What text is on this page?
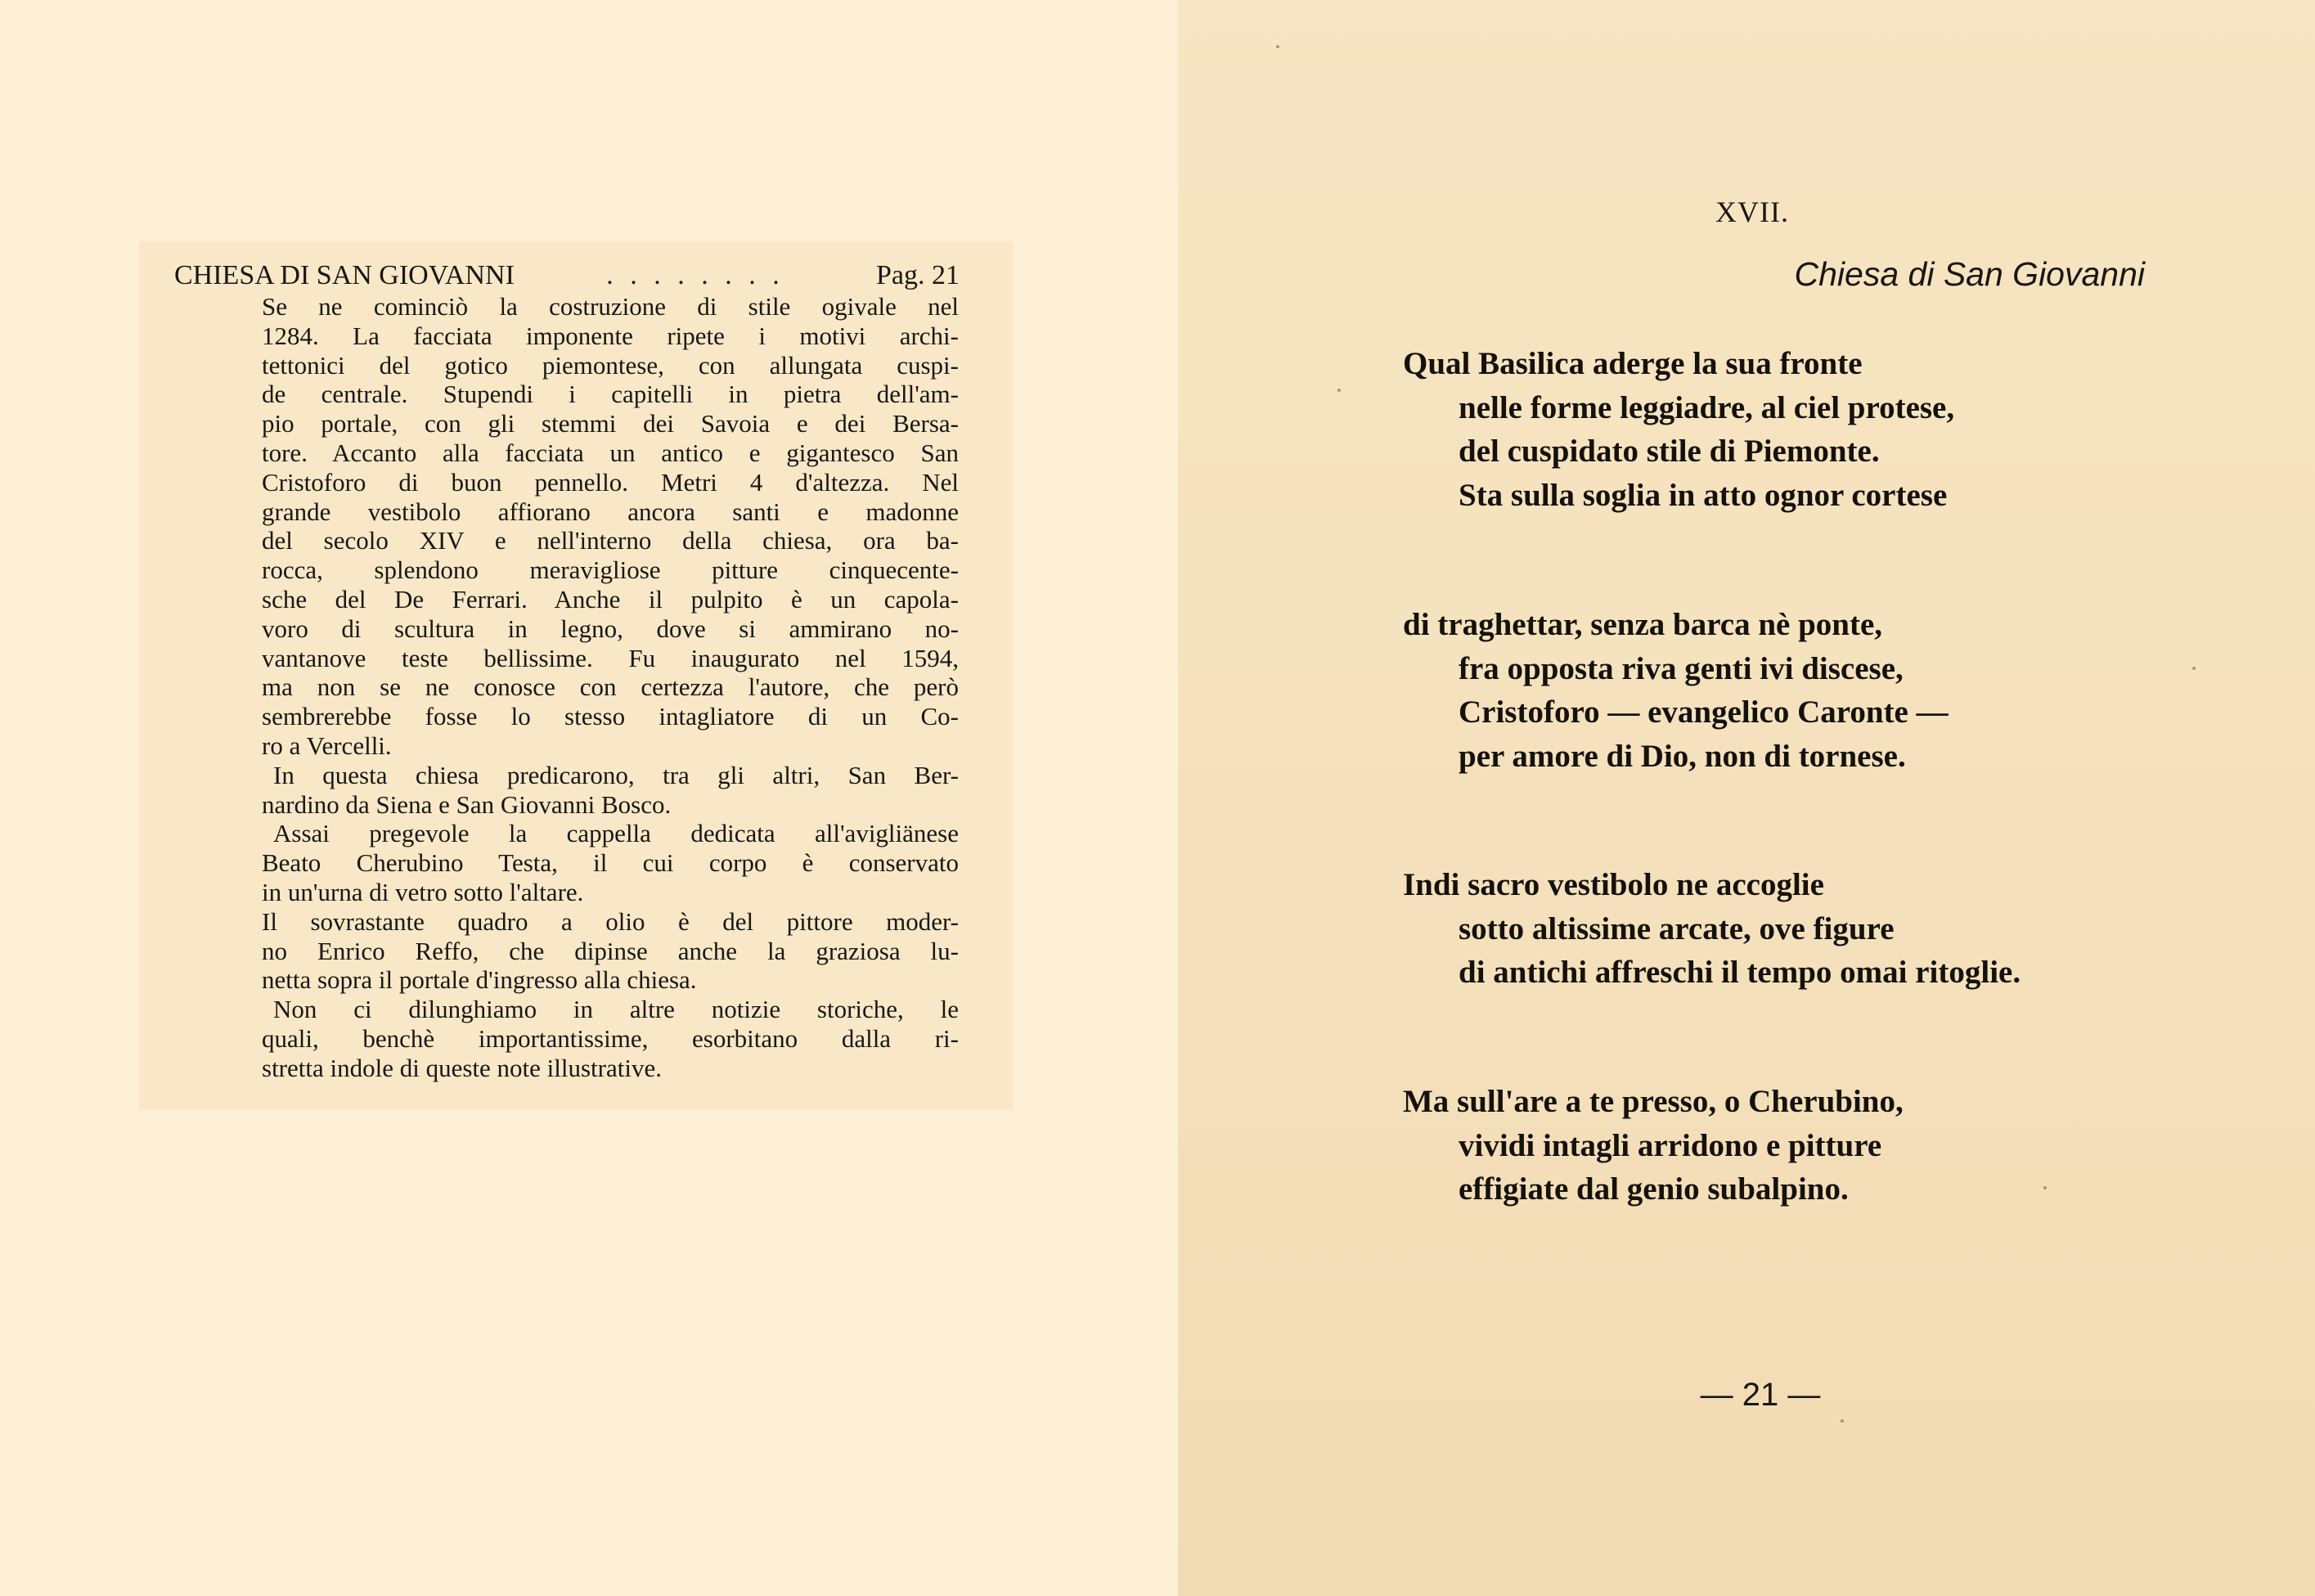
CHIESA DI SAN GIOVANNI	. . . . . . . .	Pag. 21
Se ne cominciò la costruzione di stile ogivale nel
1284. La facciata imponente ripete i motivi archi-
tettonici del gotico piemontese, con allungata cuspi-
de centrale. Stupendi i capitelli in pietra dell'am-
pio portale, con gli stemmi dei Savoia e dei Bersa-
tore. Accanto alla facciata un antico e gigantesco San
Cristoforo di buon pennello. Metri 4 d'altezza. Nel
grande vestibolo affiorano ancora santi e madonne
del secolo XIV e nell'interno della chiesa, ora ba-
rocca, splendono meravigliose pitture cinquecente-
sche del De Ferrari. Anche il pulpito è un capola-
voro di scultura in legno, dove si ammirano no-
vantanove teste bellissime. Fu inaugurato nel 1594,
ma non se ne conosce con certezza l'autore, che però
sembrerebbe fosse lo stesso intagliatore di un Co-
ro a Vercelli.
In questa chiesa predicarono, tra gli altri, San Ber-
nardino da Siena e San Giovanni Bosco.
Assai pregevole la cappella dedicata all'avigliänese
Beato Cherubino Testa, il cui corpo è conservato
in un'urna di vetro sotto l'altare.
Il sovrastante quadro a olio è del pittore moder-
no Enrico Reffo, che dipinse anche la graziosa lu-
netta sopra il portale d'ingresso alla chiesa.
Non ci dilunghiamo in altre notizie storiche, le
quali, benchè importantissime, esorbitano dalla ri-
stretta indole di queste note illustrative.
XVII.
Chiesa di San Giovanni
Qual Basilica aderge la sua fronte
nelle forme leggiadre, al ciel protese,
del cuspidato stile di Piemonte.
Sta sulla soglia in atto ognor cortese
di traghettar, senza barca nè ponte,
fra opposta riva genti ivi discese,
Cristoforo — evangelico Caronte —
per amore di Dio, non di tornese.
Indi sacro vestibolo ne accoglie
sotto altissime arcate, ove figure
di antichi affreschi il tempo omai ritoglie.
Ma sull'are a te presso, o Cherubino,
vividi intagli arridono e pitture
effigiate dal genio subalpino.
— 21 —
